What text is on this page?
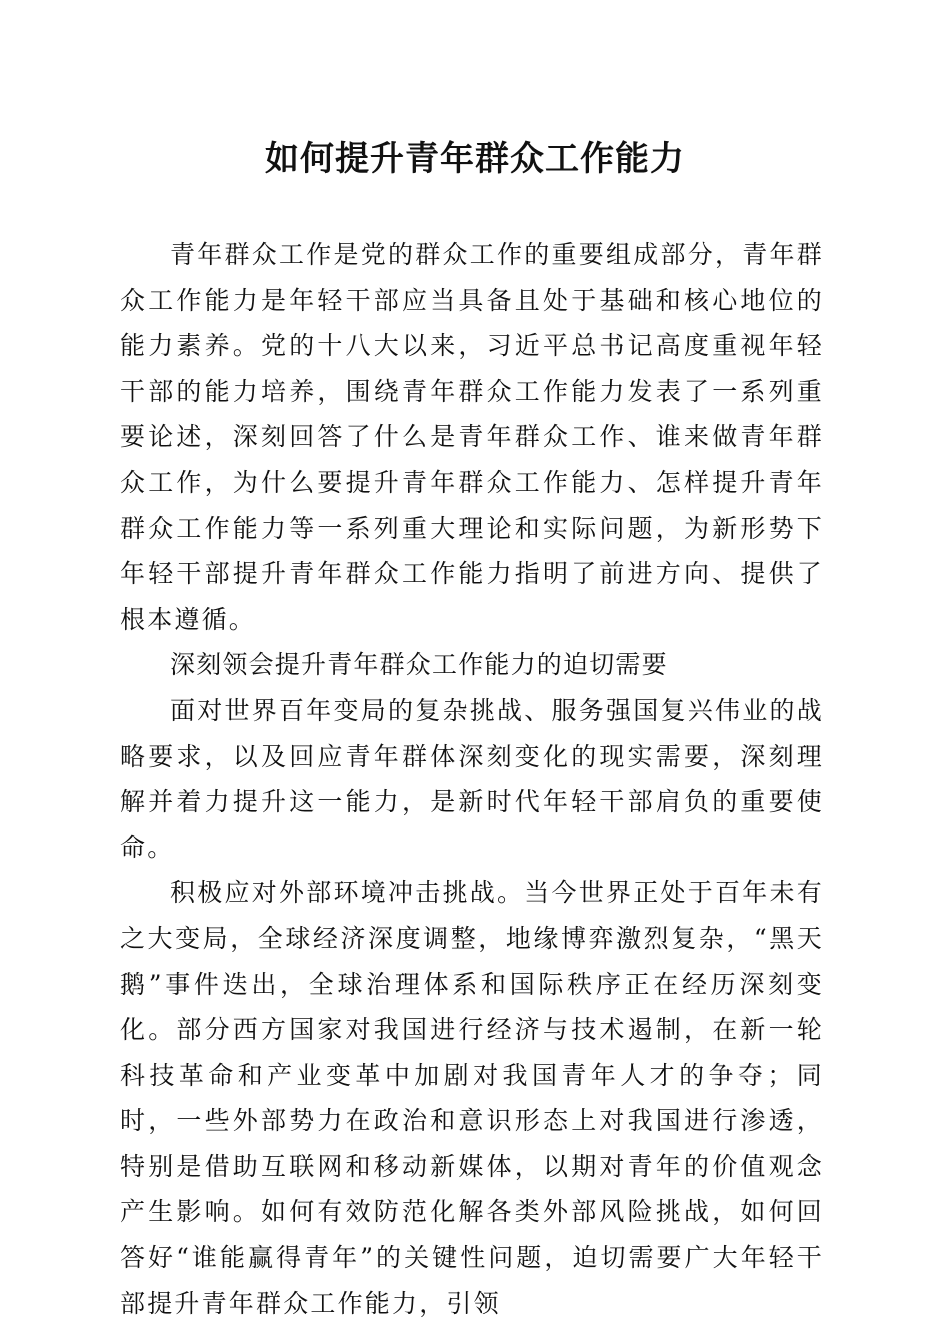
如何提升青年群众工作能力

青年群众工作是党的群众工作的重要组成部分，青年群众工作能力是年轻干部应当具备且处于基础和核心地位的能力素养。党的十八大以来，习近平总书记高度重视年轻干部的能力培养，围绕青年群众工作能力发表了一系列重要论述，深刻回答了什么是青年群众工作、谁来做青年群众工作，为什么要提升青年群众工作能力、怎样提升青年群众工作能力等一系列重大理论和实际问题，为新形势下年轻干部提升青年群众工作能力指明了前进方向、提供了根本遵循。

深刻领会提升青年群众工作能力的迫切需要

面对世界百年变局的复杂挑战、服务强国复兴伟业的战略要求，以及回应青年群体深刻变化的现实需要，深刻理解并着力提升这一能力，是新时代年轻干部肩负的重要使命。

积极应对外部环境冲击挑战。当今世界正处于百年未有之大变局，全球经济深度调整，地缘博弈激烈复杂，“黑天鹅”事件迭出，全球治理体系和国际秩序正在经历深刻变化。部分西方国家对我国进行经济与技术遏制，在新一轮科技革命和产业变革中加剧对我国青年人才的争夺；同时，一些外部势力在政治和意识形态上对我国进行渗透，特别是借助互联网和移动新媒体，以期对青年的价值观念产生影响。如何有效防范化解各类外部风险挑战，如何回答好“谁能赢得青年”的关键性问题，迫切需要广大年轻干部提升青年群众工作能力，引领
